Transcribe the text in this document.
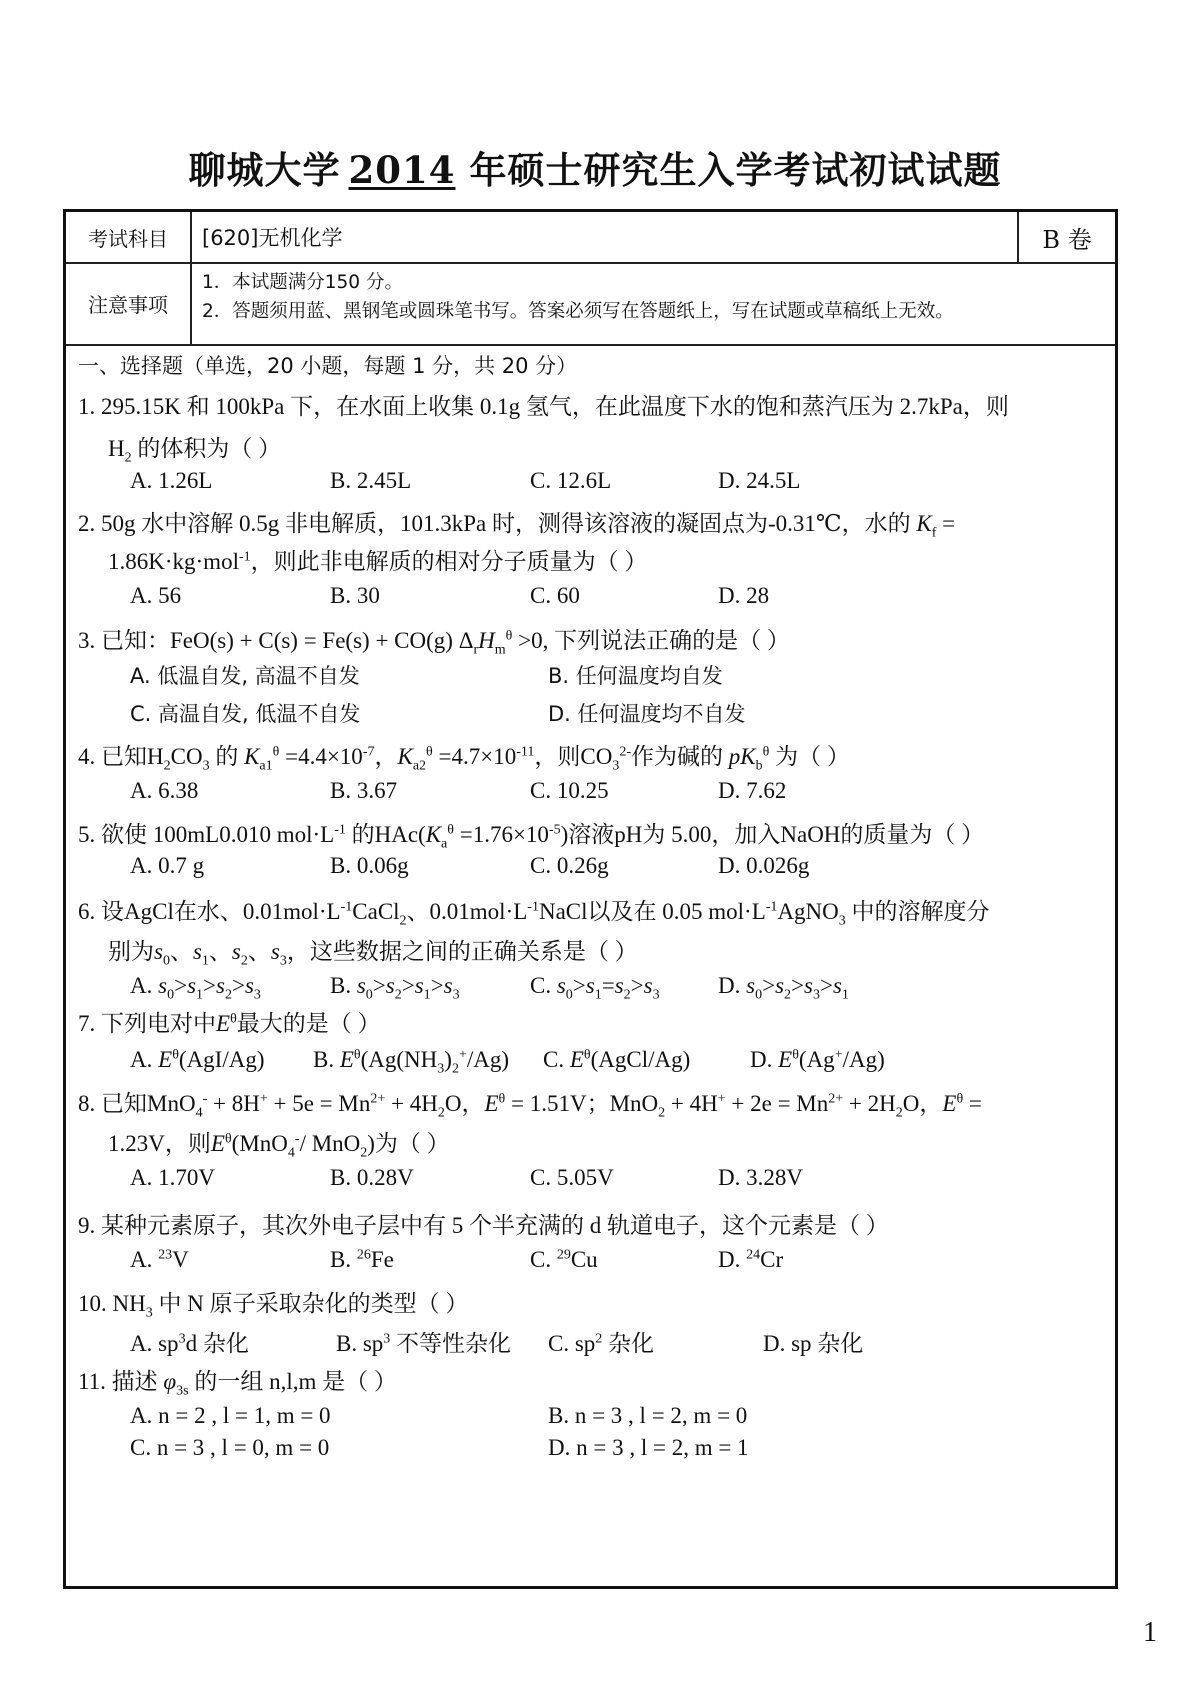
聊城大学 2014 年硕士研究生入学考试初试试题
考试科目	[620]无机化学	B 卷
注意事项
1．本试题满分150 分。
2．答题须用蓝、黑钢笔或圆珠笔书写。答案必须写在答题纸上，写在试题或草稿纸上无效。
一、选择题（单选，20 小题，每题 1 分，共 20 分）
1. 295.15K 和 100kPa 下，在水面上收集 0.1g 氢气，在此温度下水的饱和蒸汽压为 2.7kPa，则
$H_2$ 的体积为（ ）
A. 1.26L	B. 2.45L	C. 12.6L	D. 24.5L
2. 50g 水中溶解 0.5g 非电解质，101.3kPa 时，测得该溶液的凝固点为-0.31℃，水的 $K_f$ =
1.86K·kg·mol$^{-1}$，则此非电解质的相对分子质量为（ ）
A. 56	B. 30	C. 60	D. 28
3. 已知：FeO(s) + C(s) = Fe(s) + CO(g) $\Delta_rH_m^\theta >0$, 下列说法正确的是（ ）
A. 低温自发, 高温不自发	B. 任何温度均自发
C. 高温自发, 低温不自发	D. 任何温度均不自发
4. 已知$H_2CO_3$ 的 $K_{a1}^\theta =4.4\times 10^{-7}$，$K_{a2}^\theta =4.7\times 10^{-11}$，则$CO_3^{2-}$作为碱的 $pK_b^\theta$ 为（ ）
A. 6.38	B. 3.67	C. 10.25	D. 7.62
5. 欲使 100mL0.010 $mol\cdot L^{-1}$ 的$HAc(K_a^\theta =1.76\times 10^{-5})$溶液pH为 5.00，加入NaOH的质量为（ ）
A. 0.7 g	B. 0.06g	C. 0.26g	D. 0.026g
6. 设AgCl在水、$0.01mol\cdot L^{-1}CaCl_2$、$0.01mol\cdot L^{-1}NaCl$以及在 0.05 $mol\cdot L^{-1}AgNO_3$ 中的溶解度分
别为$s_0$、$s_1$、$s_2$、$s_3$，这些数据之间的正确关系是（ ）
A. $s_0>s_1>s_2>s_3$	B. $s_0>s_2>s_1>s_3$	C. $s_0>s_1=s_2>s_3$	D. $s_0>s_2>s_3>s_1$
7. 下列电对中$E^\theta$最大的是（ ）
A. $E^\theta(AgI/Ag)$ B. $E^\theta(Ag(NH_3)_2^+/Ag)$ C. $E^\theta(AgCl/Ag)$	D. $E^\theta(Ag^+/Ag)$
8. 已知$MnO_4^- + 8H^+ + 5e = Mn^{2+} + 4H_2O$，$E^\theta = 1.51V$；$MnO_2 + 4H^+ + 2e = Mn^{2+} + 2H_2O$，$E^\theta$ =
1.23V，则$E^\theta(MnO_4^-/$ MnO$_2$)为（ ）
A. 1.70V	B. 0.28V	C. 5.05V	D. 3.28V
9. 某种元素原子，其次外电子层中有 5 个半充满的 d 轨道电子，这个元素是（ ）
A. $^{23}$V	B. $^{26}$Fe	C. $^{29}$Cu	D. $^{24}$Cr
10. $NH_3$ 中 N 原子采取杂化的类型（ ）
A. $sp^3d$ 杂化	B. $sp^3$ 不等性杂化 C. $sp^2$ 杂化	D. sp 杂化
11. 描述 $\varphi_{3s}$ 的一组 n,l,m 是（ ）
A. n = 2 , l = 1, m = 0	B. n = 3 , l = 2, m = 0
C. n = 3 , l = 0, m = 0	D. n = 3 , l = 2, m = 1
1
